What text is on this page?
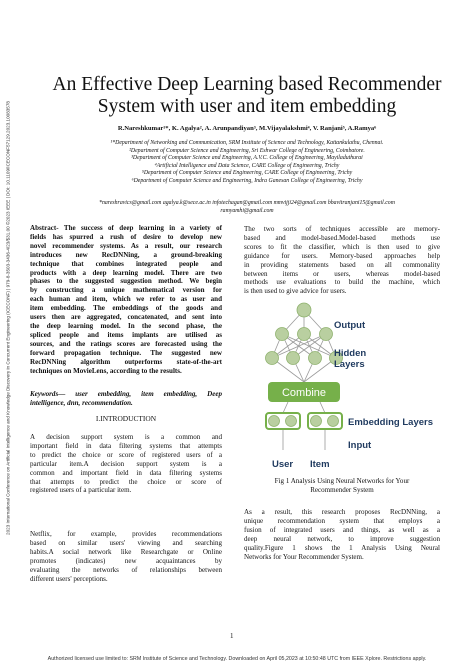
2023 International Conference on Artificial Intelligence and Knowledge Discovery in Concurrent Engineering (ICECONF) | 979-8-3503-3436-4/23/$31.00 ©2023 IEEE | DOI: 10.1109/ICECONF57129.2023.10083578
An Effective Deep Learning based Recommender
System with user and item embedding
R.Nareshkumar¹*, K. Agalya², A. Arunpandiyan³, M.Vijayalakshmi⁴, V. Ranjani⁵, A.Ramya⁶
¹*Department of Networking and Communication, SRM Institute of Science and Technology, Kattankulathu, Chennai.
²Department of Computer Science and Engineering, Sri Eshwar College of Engineering, Coimbatore.
³Department of Computer Science and Engineering, A.V.C. College of Engineering, Mayiladuthurai
⁴Artificial Intelligence and Data Science, CARE College of Engineering, Trichy
⁵Department of Computer Science and Engineering, CARE College of Engineering, Trichy
⁶Department of Computer Science and Engineering, Indra Ganesan College of Engineering, Trichy
*nareshravics@gmail.com agalya.k@sece.ac.in infotechagan@gmail.com mmvijji24@gmail.com bbavitranjani15@gmail.com
ramyamhi@gmail.com
Abstract- The success of deep learning in a variety of
fields has spurred a rush of desire to develop new
novel recommender systems. As a result, our research
introduces new RecDNNing, a ground-breaking
technique that combines integrated people and
products with a deep learning model. There are two
phases to the suggested suggestion method. We begin
by constructing a unique mathematical version for
each human and item, which we refer to as user and
item embedding. The embeddings of the goods and
users then are aggregated, concatenated, and sent into
the deep learning model. In the second phase, the
spliced people and items implants are utilised as
sources, and the ratings scores are forecasted using the
forward propagation technique. The suggested new
RecDNNing algorithm outperforms state-of-the-art
techniques on MovieLens, according to the results.
Keywords— user embedding, item embedding, Deep
intelligence, dnn, recommendation.
I.INTRODUCTION
A decision support system is a common and
important field in data filtering systems that attempts
to predict the choice or score of registered users of a
particular item.A decision support system is a
common and important field in data filtering systems
that attempts to predict the choice or score of
registered users of a particular item.
Netflix, for example, provides recommendations
based on similar users' viewing and searching
habits.A social network like Researchgate or Online
promotes (indicates) new acquaintances by
evaluating the networks of relationships between
different users' perceptions.
The two sorts of techniques accessible are memory-
based and model-based.Model-based methods use
scores to fit the classifier, which is then used to give
guidance for users. Memory-based approaches help
in providing statements based on all commonality
between items or users, whereas model-based
methods use evaluations to build the machine, which
is then used to give advice for users.
Combine
Output
Hidden
Layers
Embedding Layers
Input
User Item
Fig 1 Analysis Using Neural Networks for Your
Recommender System
As a result, this research proposes RecDNNing, a
unique recommendation system that employs a
fusion of integrated users and things, as well as a
deep neural network, to improve suggestion
quality.Figure 1 shows the 1 Analysis Using Neural
Networks for Your Recommender System.
1
Authorized licensed use limited to: SRM Institute of Science and Technology. Downloaded on April 05,2023 at 10:50:48 UTC from IEEE Xplore. Restrictions apply.
